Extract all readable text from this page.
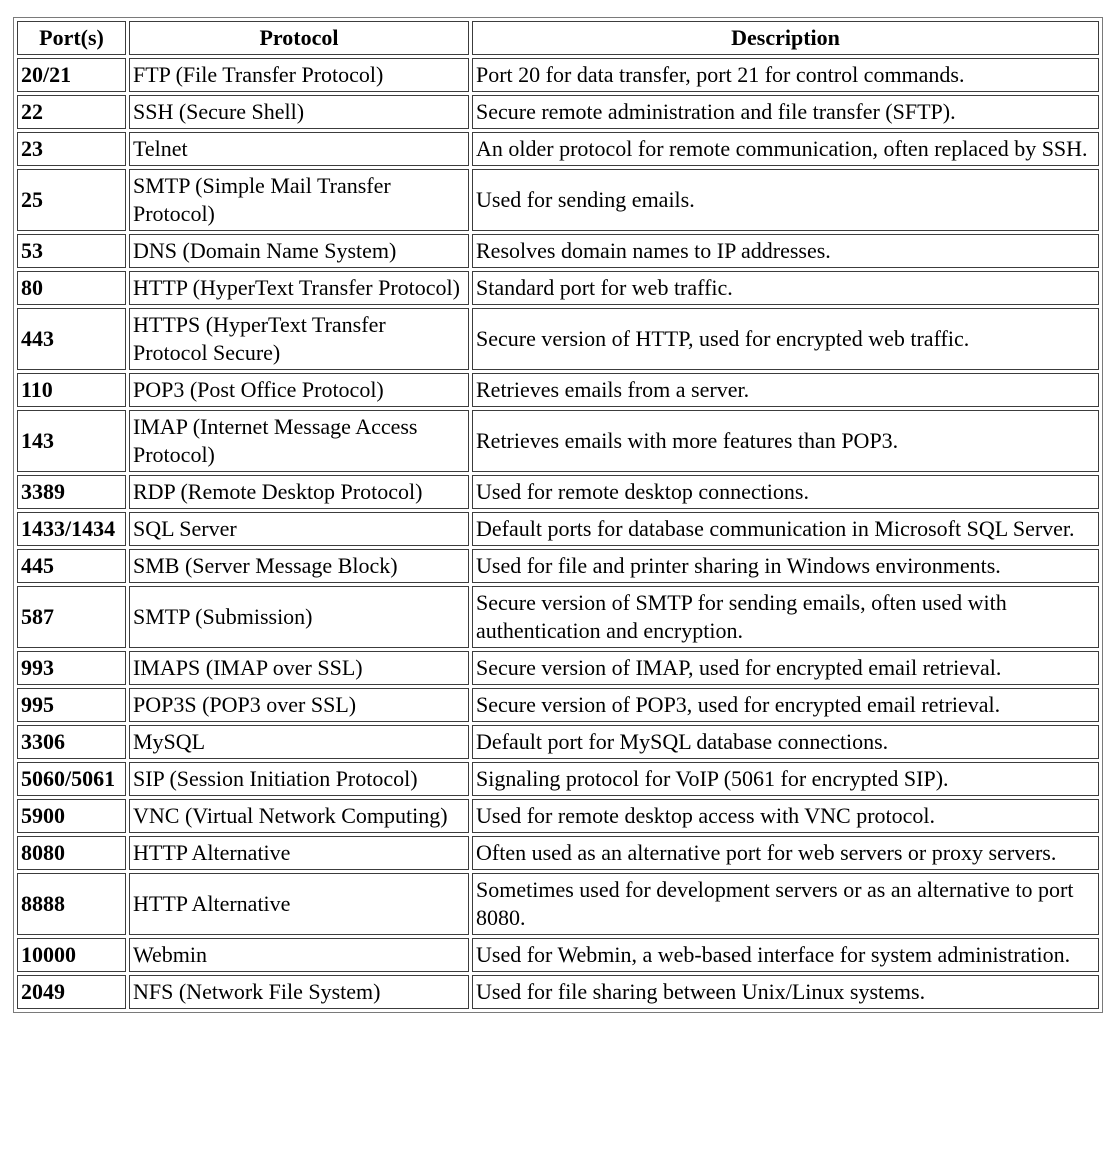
Port(s)	Protocol	Description
20/21	FTP (File Transfer Protocol)	Port 20 for data transfer, port 21 for control commands.
22	SSH (Secure Shell)	Secure remote administration and file transfer (SFTP).
23	Telnet	An older protocol for remote communication, often replaced by SSH.
25	SMTP (Simple Mail Transfer Protocol)	Used for sending emails.
53	DNS (Domain Name System)	Resolves domain names to IP addresses.
80	HTTP (HyperText Transfer Protocol)	Standard port for web traffic.
443	HTTPS (HyperText Transfer Protocol Secure)	Secure version of HTTP, used for encrypted web traffic.
110	POP3 (Post Office Protocol)	Retrieves emails from a server.
143	IMAP (Internet Message Access Protocol)	Retrieves emails with more features than POP3.
3389	RDP (Remote Desktop Protocol)	Used for remote desktop connections.
1433/1434	SQL Server	Default ports for database communication in Microsoft SQL Server.
445	SMB (Server Message Block)	Used for file and printer sharing in Windows environments.
587	SMTP (Submission)	Secure version of SMTP for sending emails, often used with authentication and encryption.
993	IMAPS (IMAP over SSL)	Secure version of IMAP, used for encrypted email retrieval.
995	POP3S (POP3 over SSL)	Secure version of POP3, used for encrypted email retrieval.
3306	MySQL	Default port for MySQL database connections.
5060/5061	SIP (Session Initiation Protocol)	Signaling protocol for VoIP (5061 for encrypted SIP).
5900	VNC (Virtual Network Computing)	Used for remote desktop access with VNC protocol.
8080	HTTP Alternative	Often used as an alternative port for web servers or proxy servers.
8888	HTTP Alternative	Sometimes used for development servers or as an alternative to port 8080.
10000	Webmin	Used for Webmin, a web-based interface for system administration.
2049	NFS (Network File System)	Used for file sharing between Unix/Linux systems.
